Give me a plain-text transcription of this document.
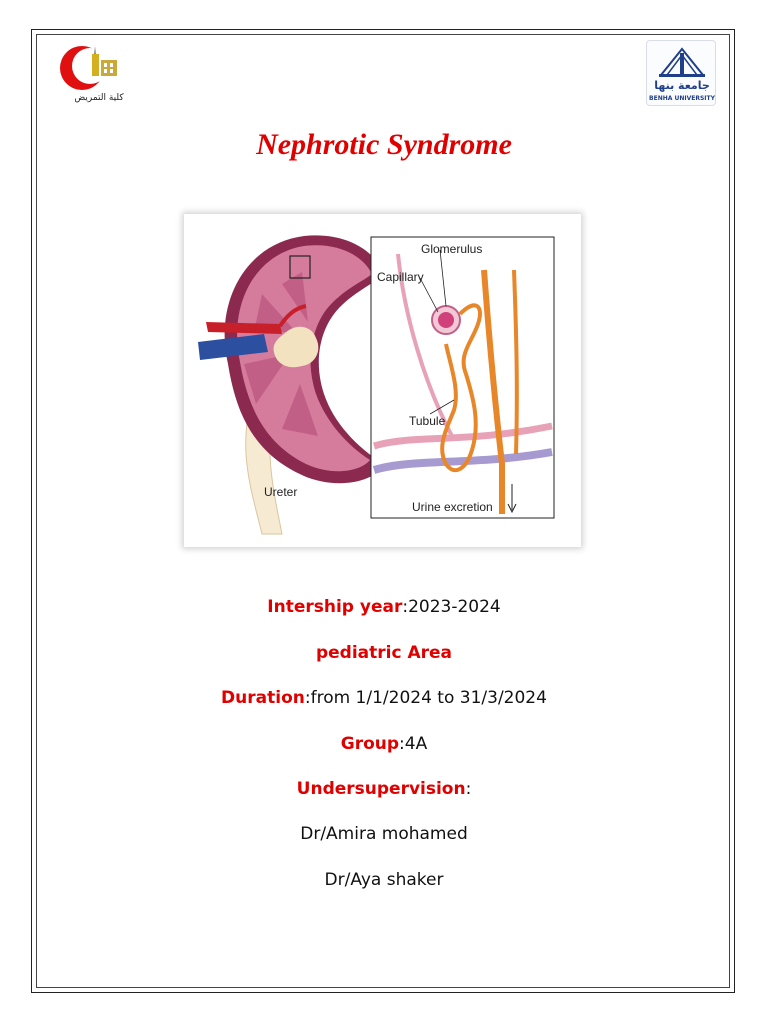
كلية التمريض
جامعة بنها
BENHA UNIVERSITY
Nephrotic Syndrome
Ureter
Glomerulus
Capillary
Tubule
Urine excretion
Intership year:2023-2024
pediatric Area
Duration:from 1/1/2024 to 31/3/2024
Group:4A
Undersupervision:
Dr/Amira mohamed
Dr/Aya shaker
